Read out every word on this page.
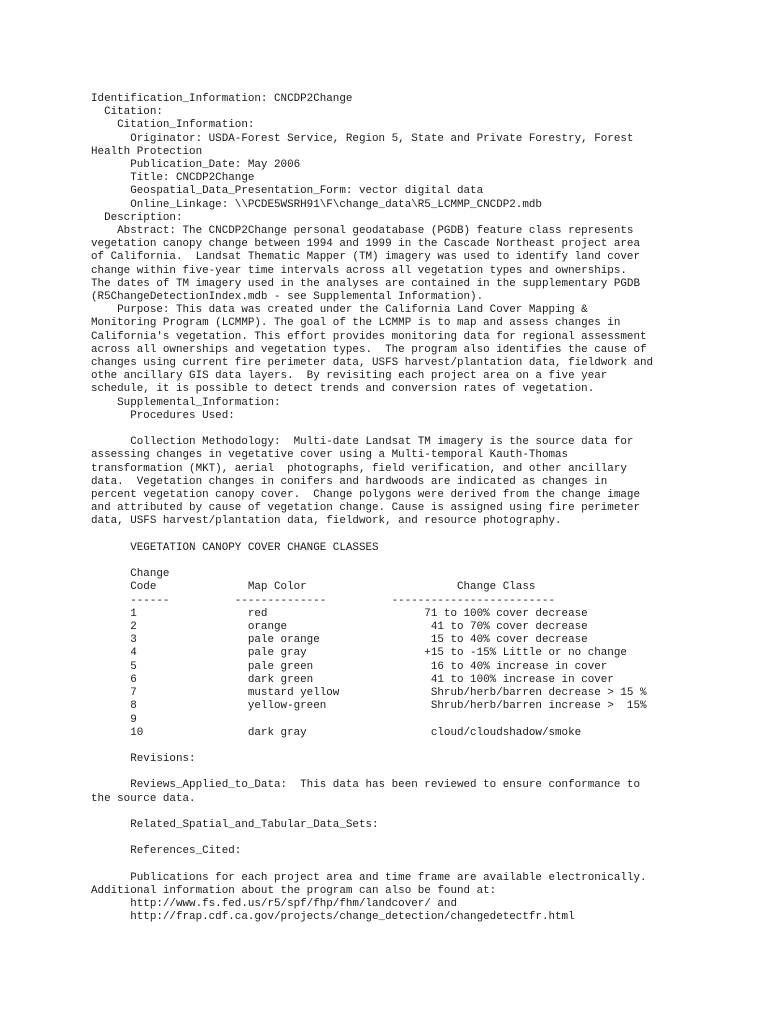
Identification_Information: CNCDP2Change
Citation:
Citation_Information:
Originator: USDA-Forest Service, Region 5, State and Private Forestry, Forest
Health Protection
Publication_Date: May 2006
Title: CNCDP2Change
Geospatial_Data_Presentation_Form: vector digital data
Online_Linkage: \\PCDE5WSRH91\F\change_data\R5_LCMMP_CNCDP2.mdb
Description:
Abstract: The CNCDP2Change personal geodatabase (PGDB) feature class represents
vegetation canopy change between 1994 and 1999 in the Cascade Northeast project area
of California.  Landsat Thematic Mapper (TM) imagery was used to identify land cover
change within five-year time intervals across all vegetation types and ownerships.
The dates of TM imagery used in the analyses are contained in the supplementary PGDB
(R5ChangeDetectionIndex.mdb - see Supplemental Information).
Purpose: This data was created under the California Land Cover Mapping &
Monitoring Program (LCMMP). The goal of the LCMMP is to map and assess changes in
California's vegetation. This effort provides monitoring data for regional assessment
across all ownerships and vegetation types.  The program also identifies the cause of
changes using current fire perimeter data, USFS harvest/plantation data, fieldwork and
othe ancillary GIS data layers.  By revisiting each project area on a five year
schedule, it is possible to detect trends and conversion rates of vegetation.
Supplemental_Information:
Procedures Used:
Collection Methodology:  Multi-date Landsat TM imagery is the source data for
assessing changes in vegetative cover using a Multi-temporal Kauth-Thomas
transformation (MKT), aerial  photographs, field verification, and other ancillary
data.  Vegetation changes in conifers and hardwoods are indicated as changes in
percent vegetation canopy cover.  Change polygons were derived from the change image
and attributed by cause of vegetation change. Cause is assigned using fire perimeter
data, USFS harvest/plantation data, fieldwork, and resource photography.
VEGETATION CANOPY COVER CHANGE CLASSES
Change
Code              Map Color                       Change Class
------          --------------          -------------------------
1                 red                        71 to 100% cover decrease
2                 orange                      41 to 70% cover decrease
3                 pale orange                 15 to 40% cover decrease
4                 pale gray                  +15 to -15% Little or no change
5                 pale green                  16 to 40% increase in cover
6                 dark green                  41 to 100% increase in cover
7                 mustard yellow              Shrub/herb/barren decrease > 15 %
8                 yellow-green                Shrub/herb/barren increase >  15%
9
10                dark gray                   cloud/cloudshadow/smoke
Revisions:
Reviews_Applied_to_Data:  This data has been reviewed to ensure conformance to
the source data.
Related_Spatial_and_Tabular_Data_Sets:
References_Cited:
Publications for each project area and time frame are available electronically.
Additional information about the program can also be found at:
http://www.fs.fed.us/r5/spf/fhp/fhm/landcover/ and
http://frap.cdf.ca.gov/projects/change_detection/changedetectfr.html
